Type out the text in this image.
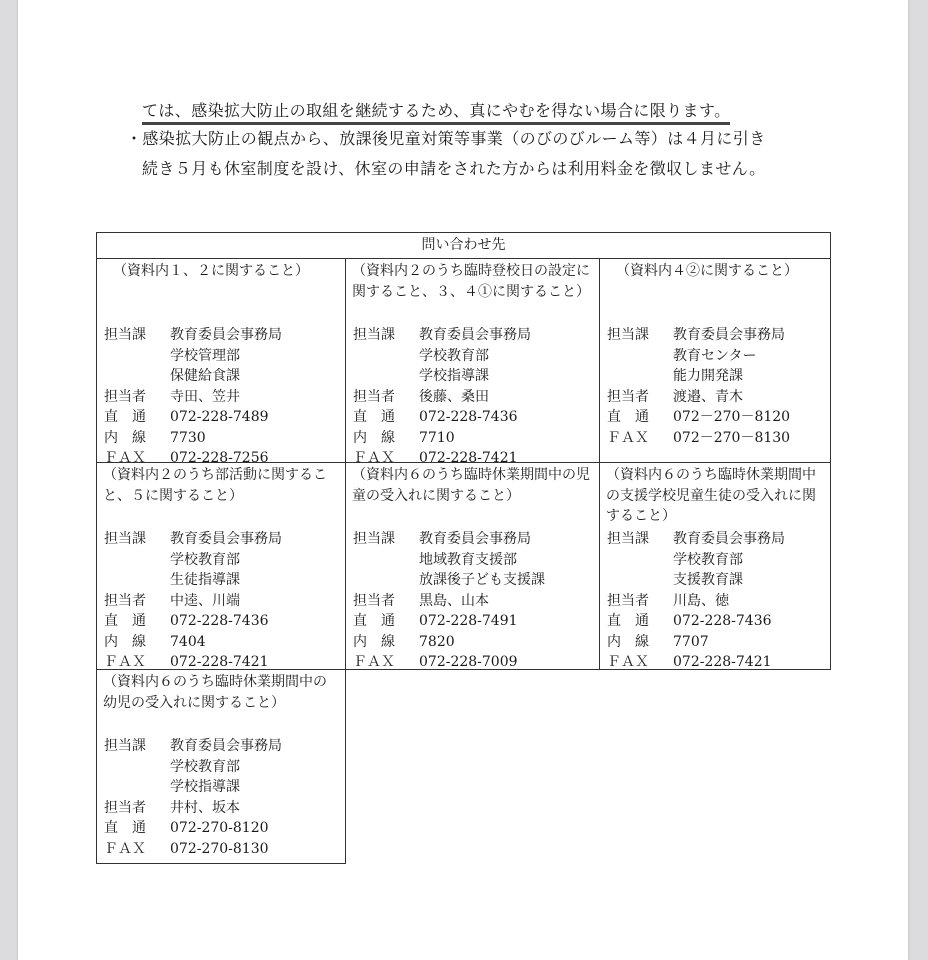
ては、感染拡大防止の取組を継続するため、真にやむを得ない場合に限ります。
・感染拡大防止の観点から、放課後児童対策等事業（のびのびルーム等）は４月に引き
続き５月も休室制度を設け、休室の申請をされた方からは利用料金を徴収しません。
問い合わせ先
（資料内１、２に関すること）
担当課	教育委員会事務局
学校管理部
保健給食課
担当者	寺田、笠井
直　通	072-228-7489
内　線	7730
ＦＡＸ	072-228-7256
（資料内２のうち臨時登校日の設定に関すること、３、４①に関すること）
担当課	教育委員会事務局
学校教育部
学校指導課
担当者	後藤、桑田
直　通	072-228-7436
内　線	7710
ＦＡＸ	072-228-7421
（資料内４②に関すること）
担当課	教育委員会事務局
教育センター
能力開発課
担当者	渡邉、青木
直　通	072－270－8120
ＦＡＸ	072－270－8130
（資料内２のうち部活動に関すること、５に関すること）
担当課	教育委員会事務局
学校教育部
生徒指導課
担当者	中逵、川端
直　通	072-228-7436
内　線	7404
ＦＡＸ	072-228-7421
（資料内６のうち臨時休業期間中の児童の受入れに関すること）
担当課	教育委員会事務局
地域教育支援部
放課後子ども支援課
担当者	黒島、山本
直　通	072-228-7491
内　線	7820
ＦＡＸ	072-228-7009
（資料内６のうち臨時休業期間中の支援学校児童生徒の受入れに関すること）
担当課	教育委員会事務局
学校教育部
支援教育課
担当者	川島、徳
直　通	072-228-7436
内　線	7707
ＦＡＸ	072-228-7421
（資料内６のうち臨時休業期間中の幼児の受入れに関すること）
担当課	教育委員会事務局
学校教育部
学校指導課
担当者	井村、坂本
直　通	072-270-8120
ＦＡＸ	072-270-8130
